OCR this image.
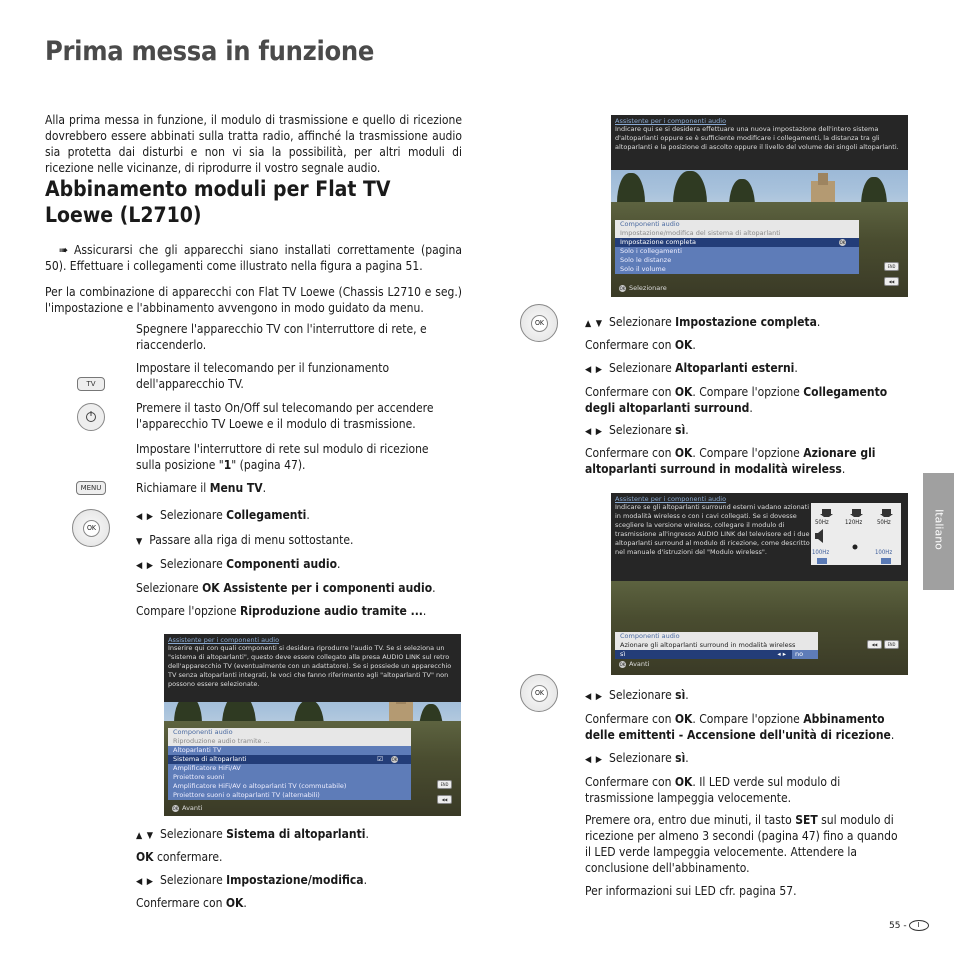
Prima messa in funzione
Alla prima messa in funzione, il modulo di trasmissione e quello di ricezione dovrebbero essere abbinati sulla tratta radio, affinché la trasmissione audio sia protetta dai disturbi e non vi sia la possibilità, per altri moduli di ricezione nelle vicinanze, di riprodurre il vostro segnale audio.
Abbinamento moduli per Flat TV Loewe (L2710)
➠ Assicurarsi che gli apparecchi siano installati correttamente (pagina 50). Effettuare i collegamenti come illustrato nella figura a pagina 51.
Per la combinazione di apparecchi con Flat TV Loewe (Chassis L2710 e seg.) l'impostazione e l'abbinamento avvengono in modo guidato da menu.
Spegnere l'apparecchio TV con l'interruttore di rete, e riaccenderlo.
TV
Impostare il telecomando per il funzionamento dell'apparecchio TV.
Premere il tasto On/Off sul telecomando per accendere l'apparecchio TV Loewe e il modulo di trasmissione.
Impostare l'interruttore di rete sul modulo di ricezione sulla posizione "1" (pagina 47).
MENU	Richiamare il Menu TV.
OK
◀ ▶ Selezionare Collegamenti.
▼ Passare alla riga di menu sottostante.
◀ ▶ Selezionare Componenti audio.
Selezionare OK Assistente per i componenti audio.
Compare l'opzione Riproduzione audio tramite ....
Assistente per i componenti audio
Inserire qui con quali componenti si desidera riprodurre l'audio TV. Se si seleziona un "sistema di altoparlanti", questo deve essere collegato alla presa AUDIO LINK sul retro dell'apparecchio TV (eventualmente con un adattatore). Se si possiede un apparecchio TV senza altoparlanti integrati, le voci che fanno riferimento agli "altoparlanti TV" non possono essere selezionate.
Componenti audio
Riproduzione audio tramite ...
Altoparlanti TV
Sistema di altoparlanti	☑ OK
Amplificatore HiFi/AV
Proiettore suoni
Amplificatore HiFi/AV o altoparlanti TV (commutabile)
Proiettore suoni o altoparlanti TV (alternabili)
OK Avanti
END
◀◀
▲ ▼ Selezionare Sistema di altoparlanti.
OK confermare.
◀ ▶ Selezionare Impostazione/modifica.
Confermare con OK.
Assistente per i componenti audio
Indicare qui se si desidera effettuare una nuova impostazione dell'intero sistema d'altoparlanti oppure se è sufficiente modificare i collegamenti, la distanza tra gli altoparlanti e la posizione di ascolto oppure il livello del volume dei singoli altoparlanti.
Componenti audio
Impostazione/modifica del sistema di altoparlanti
Impostazione completa	OK
Solo i collegamenti
Solo le distanze
Solo il volume
OK Selezionare
END
◀◀
OK	▲ ▼ Selezionare Impostazione completa.
Confermare con OK.
◀ ▶ Selezionare Altoparlanti esterni.
Confermare con OK. Compare l'opzione Collegamento degli altoparlanti surround.
◀ ▶ Selezionare sì.
Confermare con OK. Compare l'opzione Azionare gli altoparlanti surround in modalità wireless.
Assistente per i componenti audio
Indicare se gli altoparlanti surround esterni vadano azionati in modalità wireless o con i cavi collegati. Se si dovesse scegliere la versione wireless, collegare il modulo di trasmissione all'ingresso AUDIO LINK del televisore ed i due altoparlanti surround al modulo di ricezione, come descritto nel manuale d'istruzioni del "Modulo wireless".
50Hz	120Hz 50Hz
100Hz	100Hz
Componenti audio
Azionare gli altoparlanti surround in modalità wireless
sì	◂ ▸	no
OK Avanti
◀◀	END
OK	◀ ▶ Selezionare sì.
Confermare con OK. Compare l'opzione Abbinamento delle emittenti - Accensione dell'unità di ricezione.
◀ ▶ Selezionare sì.
Confermare con OK. Il LED verde sul modulo di trasmissione lampeggia velocemente.
Premere ora, entro due minuti, il tasto SET sul modulo di ricezione per almeno 3 secondi (pagina 47) fino a quando il LED verde lampeggia velocemente. Attendere la conclusione dell'abbinamento.
Per informazioni sui LED cfr. pagina 57.
Italiano
55 - I
